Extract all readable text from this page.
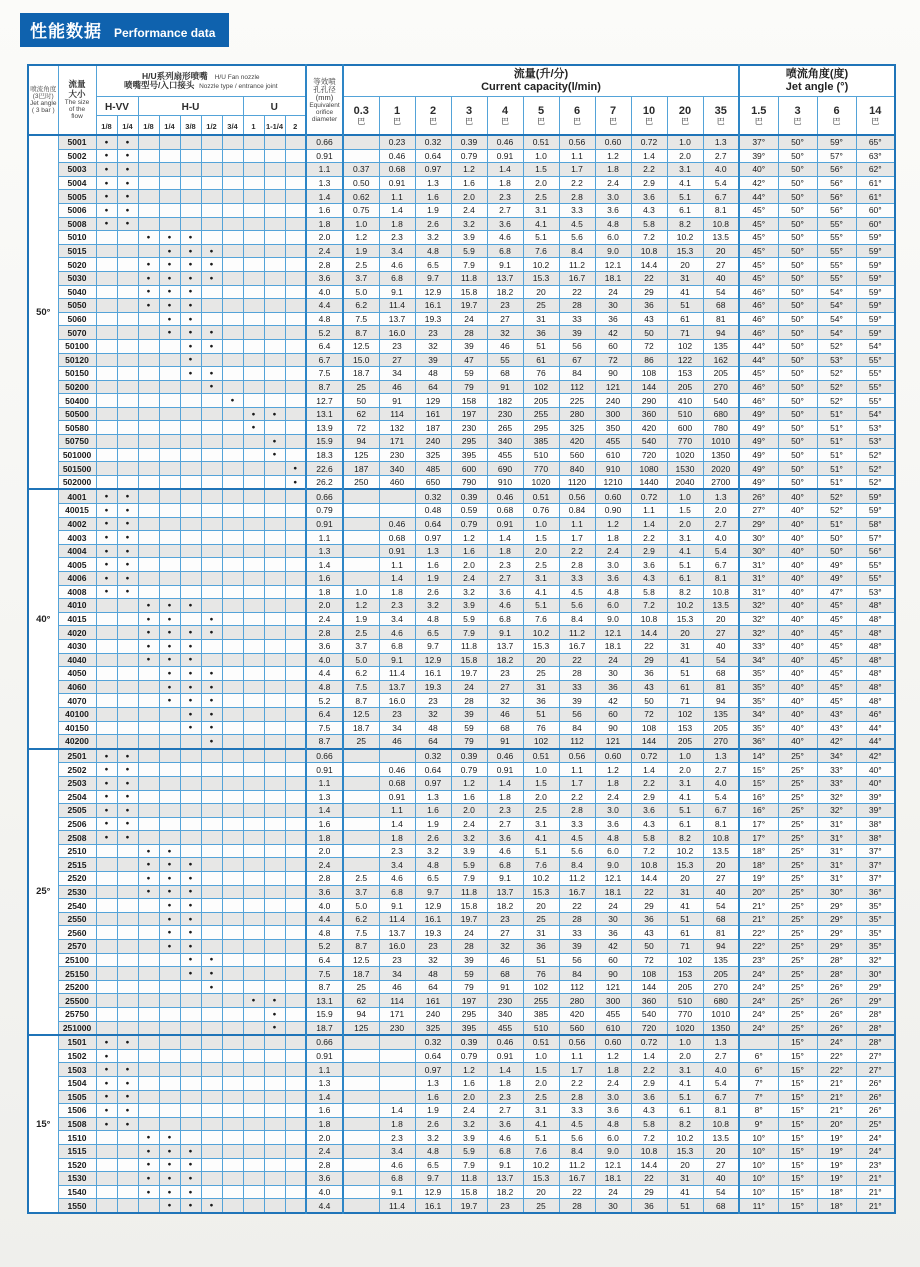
性能数据 Performance data
喷流角度
(3巴时)
Jet angle
( 3 bar )

流量
大小
The size
of the
flow

H/U系列扇形喷嘴   H/U Fan nozzle
喷嘴型号/入口接头  Nozzle type / entrance joint

等效喷
孔孔径
(mm)
Equivalent
orifice
diameter

流量(升/分)
Current capacity(l/min)

喷流角度(度)
Jet angle (°)

H-VV	H-U	U	0.3
巴

1
巴

2
巴

3
巴

4
巴

5
巴

6
巴

7
巴

10
巴

20
巴

35
巴

1.5
巴

3
巴

6
巴

14
巴

		1/8	1/4	1/8	1/4	3/8	1/2	3/4	1	1-1/4	2																
50°	5001	●	●									0.66		0.23	0.32	0.39	0.46	0.51	0.56	0.60	0.72	1.0	1.3	37°	50°	59°	65°
	5002	●	●									0.91		0.46	0.64	0.79	0.91	1.0	1.1	1.2	1.4	2.0	2.7	39°	50°	57°	63°
	5003	●	●									1.1	0.37	0.68	0.97	1.2	1.4	1.5	1.7	1.8	2.2	3.1	4.0	40°	50°	56°	62°
	5004	●	●									1.3	0.50	0.91	1.3	1.6	1.8	2.0	2.2	2.4	2.9	4.1	5.4	42°	50°	56°	61°
	5005	●	●									1.4	0.62	1.1	1.6	2.0	2.3	2.5	2.8	3.0	3.6	5.1	6.7	44°	50°	56°	61°
	5006	●	●									1.6	0.75	1.4	1.9	2.4	2.7	3.1	3.3	3.6	4.3	6.1	8.1	45°	50°	56°	60°
	5008	●	●									1.8	1.0	1.8	2.6	3.2	3.6	4.1	4.5	4.8	5.8	8.2	10.8	45°	50°	55°	60°
	5010			●	●	●						2.0	1.2	2.3	3.2	3.9	4.6	5.1	5.6	6.0	7.2	10.2	13.5	45°	50°	55°	59°
	5015				●	●	●					2.4	1.9	3.4	4.8	5.9	6.8	7.6	8.4	9.0	10.8	15.3	20	45°	50°	55°	59°
	5020			●	●	●	●					2.8	2.5	4.6	6.5	7.9	9.1	10.2	11.2	12.1	14.4	20	27	45°	50°	55°	59°
	5030			●	●	●	●					3.6	3.7	6.8	9.7	11.8	13.7	15.3	16.7	18.1	22	31	40	45°	50°	55°	59°
	5040			●	●	●						4.0	5.0	9.1	12.9	15.8	18.2	20	22	24	29	41	54	46°	50°	54°	59°
	5050			●	●	●						4.4	6.2	11.4	16.1	19.7	23	25	28	30	36	51	68	46°	50°	54°	59°
	5060				●	●						4.8	7.5	13.7	19.3	24	27	31	33	36	43	61	81	46°	50°	54°	59°
	5070				●	●	●					5.2	8.7	16.0	23	28	32	36	39	42	50	71	94	46°	50°	54°	59°
	50100					●	●					6.4	12.5	23	32	39	46	51	56	60	72	102	135	44°	50°	52°	54°
	50120					●						6.7	15.0	27	39	47	55	61	67	72	86	122	162	44°	50°	53°	55°
	50150					●	●					7.5	18.7	34	48	59	68	76	84	90	108	153	205	45°	50°	52°	55°
	50200						●					8.7	25	46	64	79	91	102	112	121	144	205	270	46°	50°	52°	55°
	50400							●				12.7	50	91	129	158	182	205	225	240	290	410	540	46°	50°	52°	55°
	50500								●	●		13.1	62	114	161	197	230	255	280	300	360	510	680	49°	50°	51°	54°
	50580								●			13.9	72	132	187	230	265	295	325	350	420	600	780	49°	50°	51°	53°
	50750									●		15.9	94	171	240	295	340	385	420	455	540	770	1010	49°	50°	51°	53°
	501000									●		18.3	125	230	325	395	455	510	560	610	720	1020	1350	49°	50°	51°	52°
	501500										●	22.6	187	340	485	600	690	770	840	910	1080	1530	2020	49°	50°	51°	52°
	502000										●	26.2	250	460	650	790	910	1020	1120	1210	1440	2040	2700	49°	50°	51°	52°
40°	4001	●	●									0.66			0.32	0.39	0.46	0.51	0.56	0.60	0.72	1.0	1.3	26°	40°	52°	59°
	40015	●	●									0.79			0.48	0.59	0.68	0.76	0.84	0.90	1.1	1.5	2.0	27°	40°	52°	59°
	4002	●	●									0.91		0.46	0.64	0.79	0.91	1.0	1.1	1.2	1.4	2.0	2.7	29°	40°	51°	58°
	4003	●	●									1.1		0.68	0.97	1.2	1.4	1.5	1.7	1.8	2.2	3.1	4.0	30°	40°	50°	57°
	4004	●	●									1.3		0.91	1.3	1.6	1.8	2.0	2.2	2.4	2.9	4.1	5.4	30°	40°	50°	56°
	4005	●	●									1.4		1.1	1.6	2.0	2.3	2.5	2.8	3.0	3.6	5.1	6.7	31°	40°	49°	55°
	4006	●	●									1.6		1.4	1.9	2.4	2.7	3.1	3.3	3.6	4.3	6.1	8.1	31°	40°	49°	55°
	4008	●	●									1.8	1.0	1.8	2.6	3.2	3.6	4.1	4.5	4.8	5.8	8.2	10.8	31°	40°	47°	53°
	4010			●	●	●						2.0	1.2	2.3	3.2	3.9	4.6	5.1	5.6	6.0	7.2	10.2	13.5	32°	40°	45°	48°
	4015			●	●		●					2.4	1.9	3.4	4.8	5.9	6.8	7.6	8.4	9.0	10.8	15.3	20	32°	40°	45°	48°
	4020			●	●	●	●					2.8	2.5	4.6	6.5	7.9	9.1	10.2	11.2	12.1	14.4	20	27	32°	40°	45°	48°
	4030			●	●	●						3.6	3.7	6.8	9.7	11.8	13.7	15.3	16.7	18.1	22	31	40	33°	40°	45°	48°
	4040			●	●	●						4.0	5.0	9.1	12.9	15.8	18.2	20	22	24	29	41	54	34°	40°	45°	48°
	4050				●	●	●					4.4	6.2	11.4	16.1	19.7	23	25	28	30	36	51	68	35°	40°	45°	48°
	4060				●	●	●					4.8	7.5	13.7	19.3	24	27	31	33	36	43	61	81	35°	40°	45°	48°
	4070				●	●	●					5.2	8.7	16.0	23	28	32	36	39	42	50	71	94	35°	40°	45°	48°
	40100					●	●					6.4	12.5	23	32	39	46	51	56	60	72	102	135	34°	40°	43°	46°
	40150					●	●					7.5	18.7	34	48	59	68	76	84	90	108	153	205	35°	40°	43°	44°
	40200						●					8.7	25	46	64	79	91	102	112	121	144	205	270	36°	40°	42°	44°
25°	2501	●	●									0.66			0.32	0.39	0.46	0.51	0.56	0.60	0.72	1.0	1.3	14°	25°	34°	42°
	2502	●	●									0.91		0.46	0.64	0.79	0.91	1.0	1.1	1.2	1.4	2.0	2.7	15°	25°	33°	40°
	2503	●	●									1.1		0.68	0.97	1.2	1.4	1.5	1.7	1.8	2.2	3.1	4.0	15°	25°	33°	40°
	2504	●	●									1.3		0.91	1.3	1.6	1.8	2.0	2.2	2.4	2.9	4.1	5.4	16°	25°	32°	39°
	2505	●	●									1.4		1.1	1.6	2.0	2.3	2.5	2.8	3.0	3.6	5.1	6.7	16°	25°	32°	39°
	2506	●	●									1.6		1.4	1.9	2.4	2.7	3.1	3.3	3.6	4.3	6.1	8.1	17°	25°	31°	38°
	2508	●	●									1.8		1.8	2.6	3.2	3.6	4.1	4.5	4.8	5.8	8.2	10.8	17°	25°	31°	38°
	2510			●	●							2.0		2.3	3.2	3.9	4.6	5.1	5.6	6.0	7.2	10.2	13.5	18°	25°	31°	37°
	2515			●	●	●						2.4		3.4	4.8	5.9	6.8	7.6	8.4	9.0	10.8	15.3	20	18°	25°	31°	37°
	2520			●	●	●						2.8	2.5	4.6	6.5	7.9	9.1	10.2	11.2	12.1	14.4	20	27	19°	25°	31°	37°
	2530			●	●	●						3.6	3.7	6.8	9.7	11.8	13.7	15.3	16.7	18.1	22	31	40	20°	25°	30°	36°
	2540				●	●						4.0	5.0	9.1	12.9	15.8	18.2	20	22	24	29	41	54	21°	25°	29°	35°
	2550				●	●						4.4	6.2	11.4	16.1	19.7	23	25	28	30	36	51	68	21°	25°	29°	35°
	2560				●	●						4.8	7.5	13.7	19.3	24	27	31	33	36	43	61	81	22°	25°	29°	35°
	2570				●	●						5.2	8.7	16.0	23	28	32	36	39	42	50	71	94	22°	25°	29°	35°
	25100					●	●					6.4	12.5	23	32	39	46	51	56	60	72	102	135	23°	25°	28°	32°
	25150					●	●					7.5	18.7	34	48	59	68	76	84	90	108	153	205	24°	25°	28°	30°
	25200						●					8.7	25	46	64	79	91	102	112	121	144	205	270	24°	25°	26°	29°
	25500								●	●		13.1	62	114	161	197	230	255	280	300	360	510	680	24°	25°	26°	29°
	25750									●		15.9	94	171	240	295	340	385	420	455	540	770	1010	24°	25°	26°	28°
	251000									●		18.7	125	230	325	395	455	510	560	610	720	1020	1350	24°	25°	26°	28°
15°	1501	●	●									0.66			0.32	0.39	0.46	0.51	0.56	0.60	0.72	1.0	1.3		15°	24°	28°
	1502	●										0.91			0.64	0.79	0.91	1.0	1.1	1.2	1.4	2.0	2.7	6°	15°	22°	27°
	1503	●	●									1.1			0.97	1.2	1.4	1.5	1.7	1.8	2.2	3.1	4.0	6°	15°	22°	27°
	1504	●	●									1.3			1.3	1.6	1.8	2.0	2.2	2.4	2.9	4.1	5.4	7°	15°	21°	26°
	1505	●	●									1.4			1.6	2.0	2.3	2.5	2.8	3.0	3.6	5.1	6.7	7°	15°	21°	26°
	1506	●	●									1.6		1.4	1.9	2.4	2.7	3.1	3.3	3.6	4.3	6.1	8.1	8°	15°	21°	26°
	1508	●	●									1.8		1.8	2.6	3.2	3.6	4.1	4.5	4.8	5.8	8.2	10.8	9°	15°	20°	25°
	1510			●	●							2.0		2.3	3.2	3.9	4.6	5.1	5.6	6.0	7.2	10.2	13.5	10°	15°	19°	24°
	1515			●	●	●						2.4		3.4	4.8	5.9	6.8	7.6	8.4	9.0	10.8	15.3	20	10°	15°	19°	24°
	1520			●	●	●						2.8		4.6	6.5	7.9	9.1	10.2	11.2	12.1	14.4	20	27	10°	15°	19°	23°
	1530			●	●	●						3.6		6.8	9.7	11.8	13.7	15.3	16.7	18.1	22	31	40	10°	15°	19°	21°
	1540			●	●	●						4.0		9.1	12.9	15.8	18.2	20	22	24	29	41	54	10°	15°	18°	21°
	1550				●	●	●					4.4		11.4	16.1	19.7	23	25	28	30	36	51	68	11°	15°	18°	21°
